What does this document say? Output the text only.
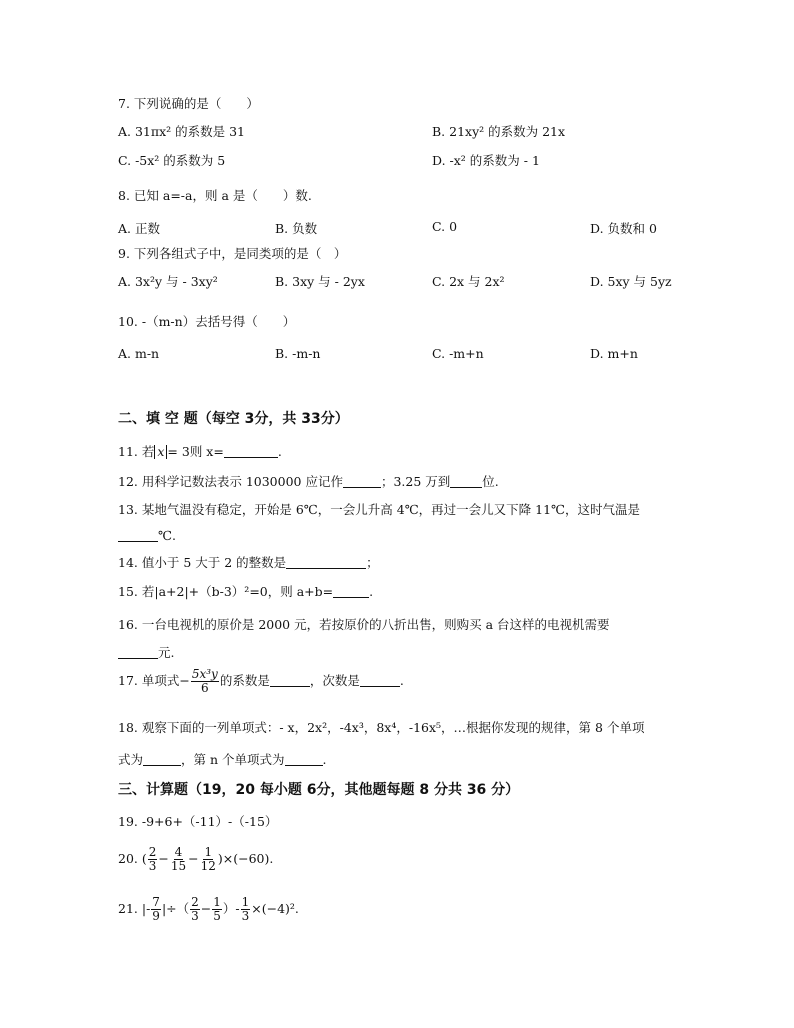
7. 下列说确的是（　　）
A. 31πx² 的系数是 31	B. 21xy² 的系数为 21x
C. -5x² 的系数为 5	D. -x² 的系数为 - 1
8. 已知 a=-a，则 a 是（　　）数.
A. 正数	B. 负数	C. 0	D. 负数和 0
9. 下列各组式子中，是同类项的是（　）
A. 3x²y 与 - 3xy²	B. 3xy 与 - 2yx	C. 2x 与 2x²	D. 5xy 与 5yz
10. -（m-n）去括号得（　　）
A. m-n	B. -m-n	C. -m+n	D. m+n
二、填 空 题（每空 3分，共 33分）
11. 若 x = 3则 x=	.
12. 用科学记数法表示 1030000 应记作	；3.25 万到	位.
13. 某地气温没有稳定，开始是 6℃，一会儿升高 4℃，再过一会儿又下降 11℃，这时气温是
℃.
14. 值小于 5 大于 2 的整数是	；
15. 若|a+2|+（b-3）²=0，则 a+b=	.
16. 一台电视机的原价是 2000 元，若按原价的八折出售，则购买 a 台这样的电视机需要
元.
17. 单项式− $\frac{\text{5x³y}}{6}$ 的系数是	，次数是	.
18. 观察下面的一列单项式：- x，2x²，-4x³，8x⁴，-16x⁵，…根据你发现的规律，第 8 个单项
式为	，第 n 个单项式为	.
三、计算题（19，20 每小题 6分，其他题每题 8 分共 36 分）
19. -9+6+（-11）-（-15）
20. ( $\frac{2}{3} - \frac{4}{15} - \frac{1}{12} )\times(-60)$.
21. |- $\frac{7}{9}$ |÷（ $\frac{2}{3} - \frac{1}{5}$ ）- $\frac{1}{3} \times(-4)^2$.
